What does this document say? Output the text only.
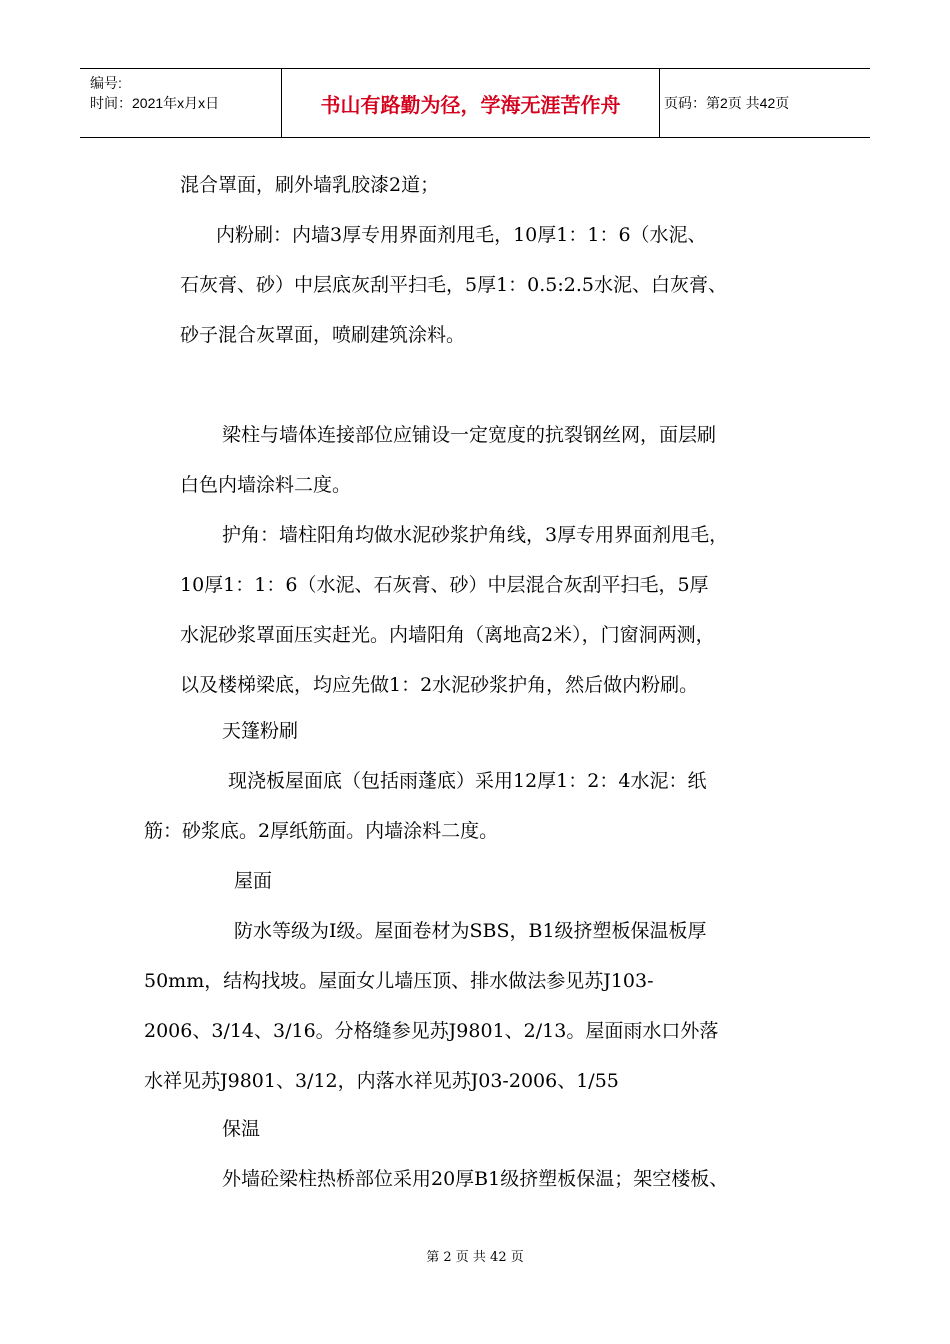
编号:
时间：2021年x月x日	书山有路勤为径，学海无涯苦作舟	页码：第2页 共42页
混合罩面，刷外墙乳胶漆2道；
内粉刷：内墙3厚专用界面剂甩毛，10厚1：1：6（水泥、
石灰膏、砂）中层底灰刮平扫毛，5厚1：0.5:2.5水泥、白灰膏、
砂子混合灰罩面，喷刷建筑涂料。
梁柱与墙体连接部位应铺设一定宽度的抗裂钢丝网，面层刷
白色内墙涂料二度。
护角：墙柱阳角均做水泥砂浆护角线，3厚专用界面剂甩毛，
10厚1：1：6（水泥、石灰膏、砂）中层混合灰刮平扫毛，5厚
水泥砂浆罩面压实赶光。内墙阳角（离地高2米），门窗洞两测，
以及楼梯梁底，均应先做1：2水泥砂浆护角，然后做内粉刷。
天篷粉刷
现浇板屋面底（包括雨蓬底）采用12厚1：2：4水泥：纸
筋：砂浆底。2厚纸筋面。内墙涂料二度。
屋面
防水等级为Ⅰ级。屋面卷材为SBS，B1级挤塑板保温板厚
50mm，结构找坡。屋面女儿墙压顶、排水做法参见苏J103-
2006、3/14、3/16。分格缝参见苏J9801、2/13。屋面雨水口外落
水祥见苏J9801、3/12，内落水祥见苏J03-2006、1/55
保温
外墙砼梁柱热桥部位采用20厚B1级挤塑板保温；架空楼板、
第 2 页 共 42 页
